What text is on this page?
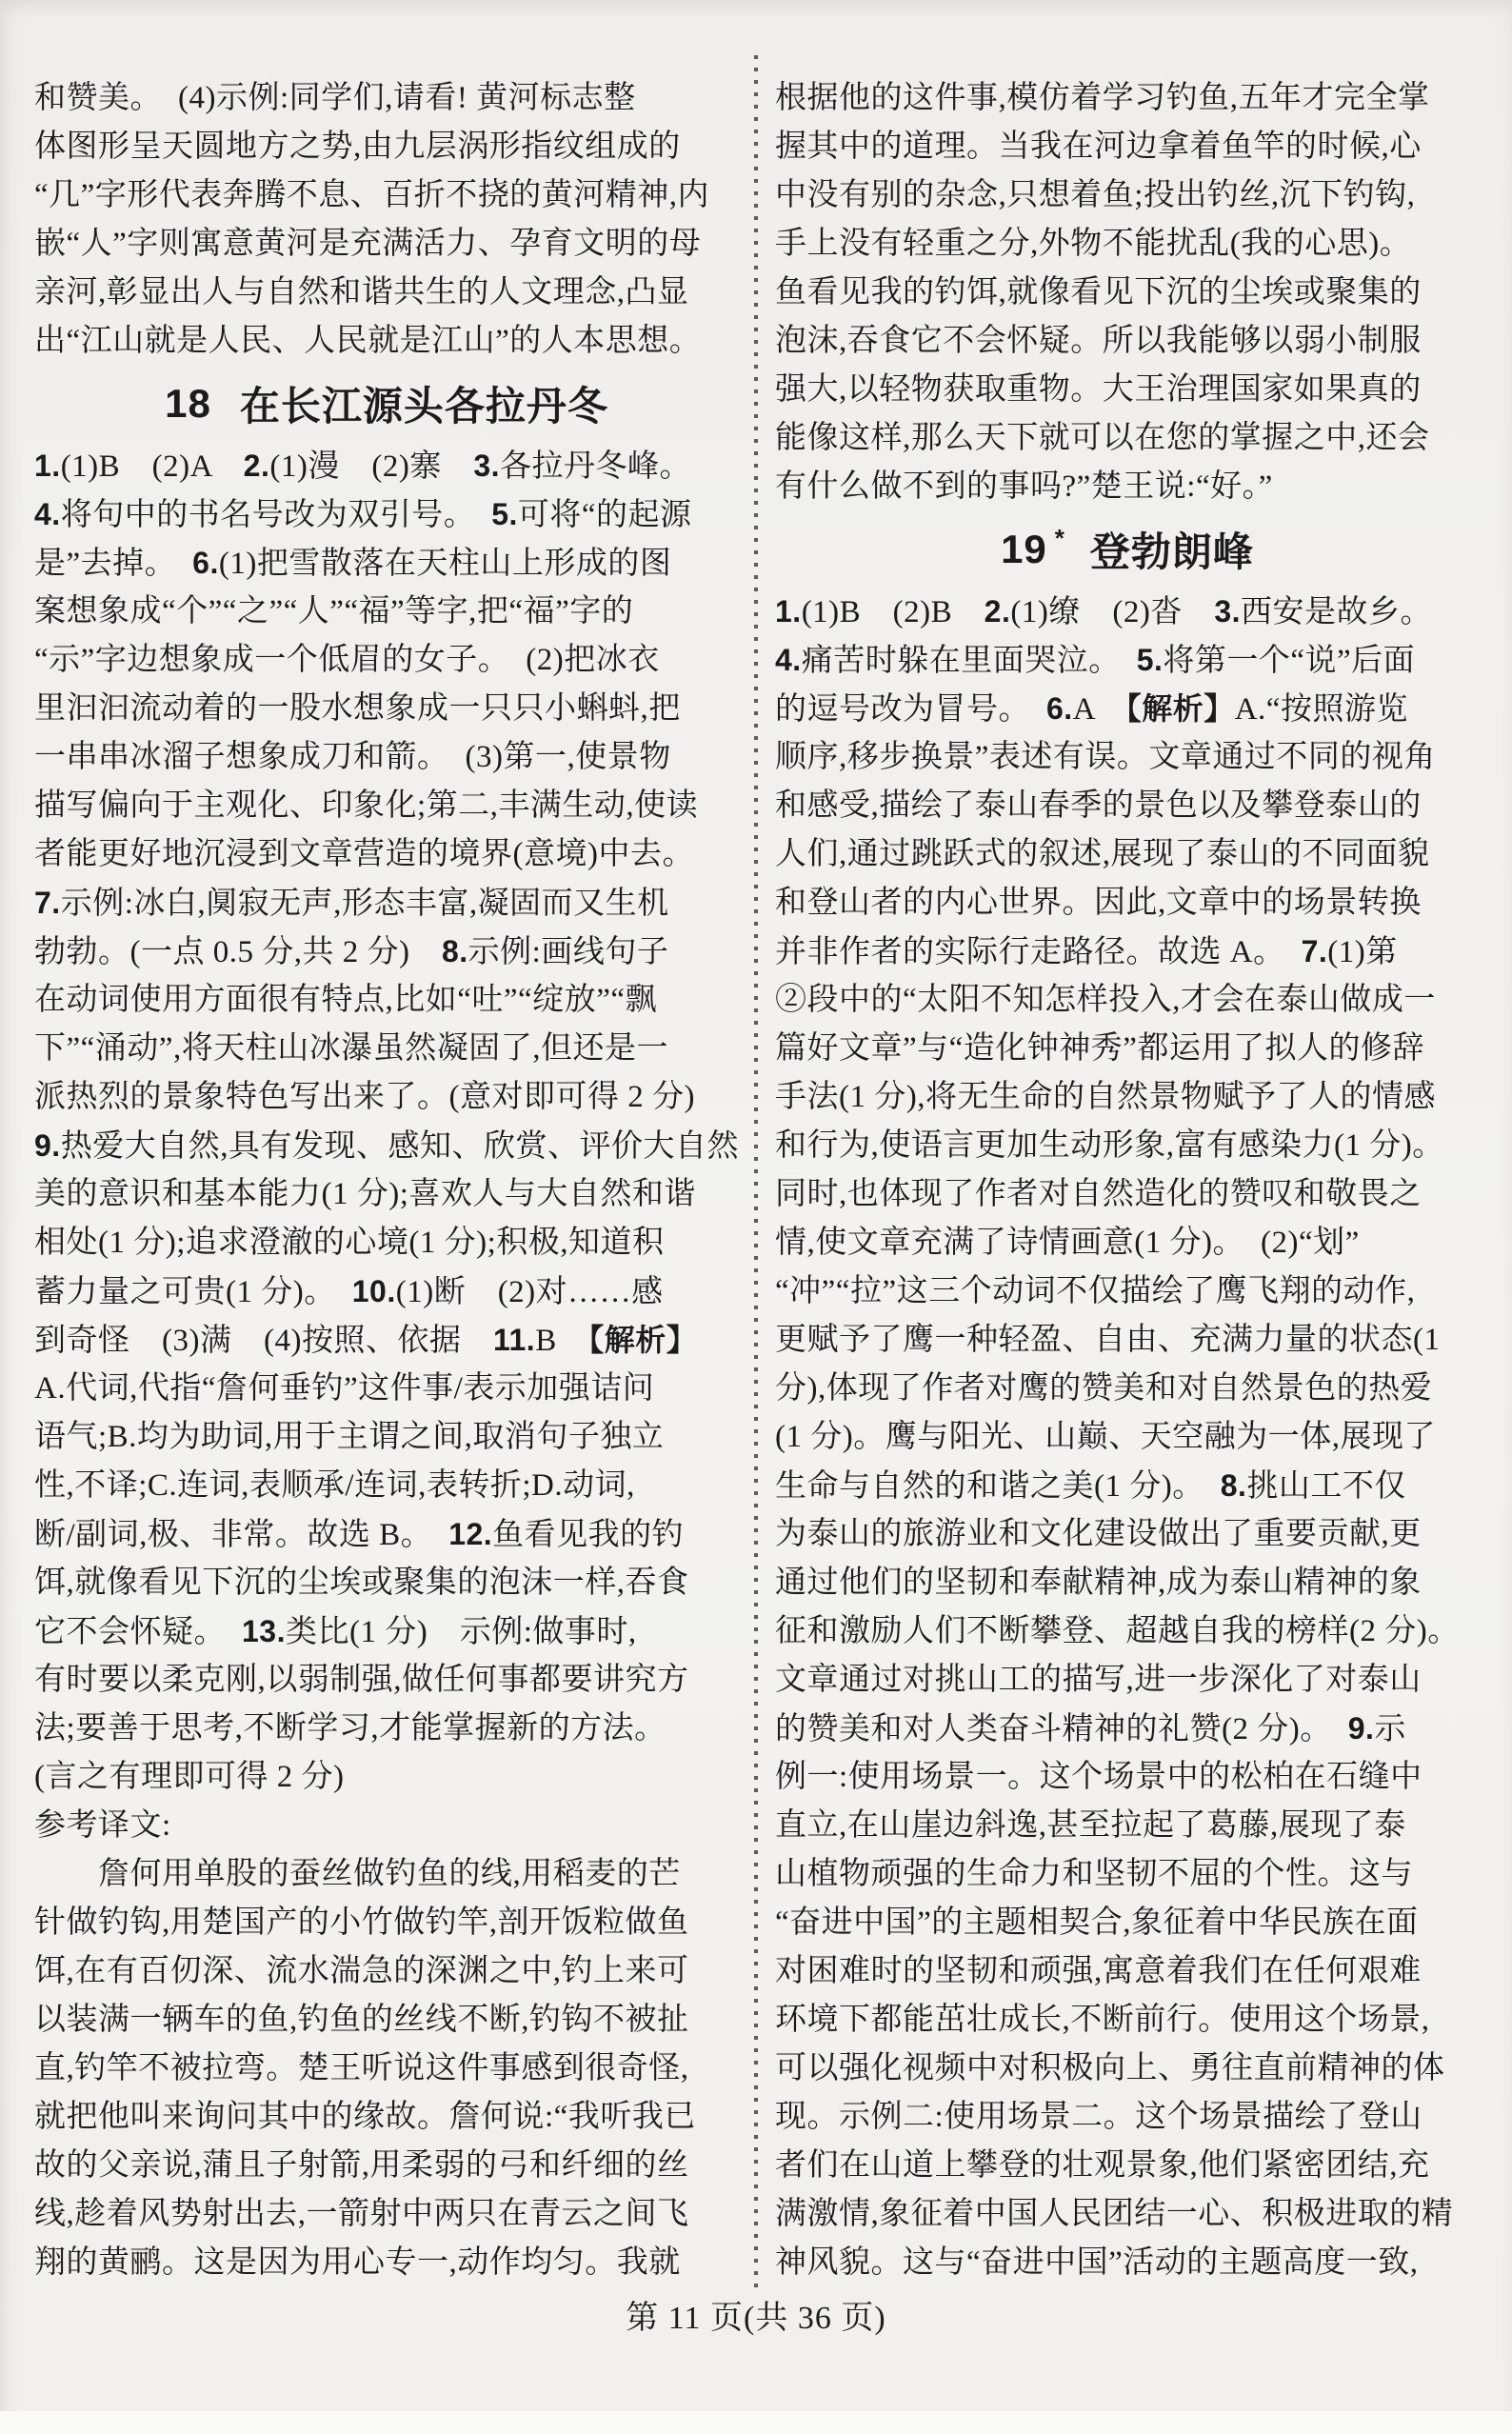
和赞美。　(4)示例:同学们,请看! 黄河标志整
体图形呈天圆地方之势,由九层涡形指纹组成的
“几”字形代表奔腾不息、百折不挠的黄河精神,内
嵌“人”字则寓意黄河是充满活力、孕育文明的母
亲河,彰显出人与自然和谐共生的人文理念,凸显
出“江山就是人民、人民就是江山”的人本思想。
18 在长江源头各拉丹冬
1.(1)B　(2)A　2.(1)漫　(2)寨　3.各拉丹冬峰。
4.将句中的书名号改为双引号。　5.可将“的起源
是”去掉。　6.(1)把雪散落在天柱山上形成的图
案想象成“个”“之”“人”“福”等字,把“福”字的
“示”字边想象成一个低眉的女子。　(2)把冰衣
里汩汩流动着的一股水想象成一只只小蝌蚪,把
一串串冰溜子想象成刀和箭。　(3)第一,使景物
描写偏向于主观化、印象化;第二,丰满生动,使读
者能更好地沉浸到文章营造的境界(意境)中去。
7.示例:冰白,阒寂无声,形态丰富,凝固而又生机
勃勃。(一点 0.5 分,共 2 分)　8.示例:画线句子
在动词使用方面很有特点,比如“吐”“绽放”“飘
下”“涌动”,将天柱山冰瀑虽然凝固了,但还是一
派热烈的景象特色写出来了。(意对即可得 2 分)
9.热爱大自然,具有发现、感知、欣赏、评价大自然
美的意识和基本能力(1 分);喜欢人与大自然和谐
相处(1 分);追求澄澈的心境(1 分);积极,知道积
蓄力量之可贵(1 分)。　10.(1)断　(2)对……感
到奇怪　(3)满　(4)按照、依据　11.B　【解析】
A.代词,代指“詹何垂钓”这件事/表示加强诘问
语气;B.均为助词,用于主谓之间,取消句子独立
性,不译;C.连词,表顺承/连词,表转折;D.动词,
断/副词,极、非常。故选 B。　12.鱼看见我的钓
饵,就像看见下沉的尘埃或聚集的泡沫一样,吞食
它不会怀疑。　13.类比(1 分)　示例:做事时,
有时要以柔克刚,以弱制强,做任何事都要讲究方
法;要善于思考,不断学习,才能掌握新的方法。
(言之有理即可得 2 分)
参考译文:
　　詹何用单股的蚕丝做钓鱼的线,用稻麦的芒
针做钓钩,用楚国产的小竹做钓竿,剖开饭粒做鱼
饵,在有百仞深、流水湍急的深渊之中,钓上来可
以装满一辆车的鱼,钓鱼的丝线不断,钓钩不被扯
直,钓竿不被拉弯。楚王听说这件事感到很奇怪,
就把他叫来询问其中的缘故。詹何说:“我听我已
故的父亲说,蒲且子射箭,用柔弱的弓和纤细的丝
线,趁着风势射出去,一箭射中两只在青云之间飞
翔的黄鹂。这是因为用心专一,动作均匀。我就
根据他的这件事,模仿着学习钓鱼,五年才完全掌
握其中的道理。当我在河边拿着鱼竿的时候,心
中没有别的杂念,只想着鱼;投出钓丝,沉下钓钩,
手上没有轻重之分,外物不能扰乱(我的心思)。
鱼看见我的钓饵,就像看见下沉的尘埃或聚集的
泡沫,吞食它不会怀疑。所以我能够以弱小制服
强大,以轻物获取重物。大王治理国家如果真的
能像这样,那么天下就可以在您的掌握之中,还会
有什么做不到的事吗?”楚王说:“好。”
19 * 登勃朗峰
1.(1)B　(2)B　2.(1)缭　(2)沓　3.西安是故乡。
4.痛苦时躲在里面哭泣。　5.将第一个“说”后面
的逗号改为冒号。　6.A　【解析】A.“按照游览
顺序,移步换景”表述有误。文章通过不同的视角
和感受,描绘了泰山春季的景色以及攀登泰山的
人们,通过跳跃式的叙述,展现了泰山的不同面貌
和登山者的内心世界。因此,文章中的场景转换
并非作者的实际行走路径。故选 A。　7.(1)第
②段中的“太阳不知怎样投入,才会在泰山做成一
篇好文章”与“造化钟神秀”都运用了拟人的修辞
手法(1 分),将无生命的自然景物赋予了人的情感
和行为,使语言更加生动形象,富有感染力(1 分)。
同时,也体现了作者对自然造化的赞叹和敬畏之
情,使文章充满了诗情画意(1 分)。　(2)“划”
“冲”“拉”这三个动词不仅描绘了鹰飞翔的动作,
更赋予了鹰一种轻盈、自由、充满力量的状态(1
分),体现了作者对鹰的赞美和对自然景色的热爱
(1 分)。鹰与阳光、山巅、天空融为一体,展现了
生命与自然的和谐之美(1 分)。　8.挑山工不仅
为泰山的旅游业和文化建设做出了重要贡献,更
通过他们的坚韧和奉献精神,成为泰山精神的象
征和激励人们不断攀登、超越自我的榜样(2 分)。
文章通过对挑山工的描写,进一步深化了对泰山
的赞美和对人类奋斗精神的礼赞(2 分)。　9.示
例一:使用场景一。这个场景中的松柏在石缝中
直立,在山崖边斜逸,甚至拉起了葛藤,展现了泰
山植物顽强的生命力和坚韧不屈的个性。这与
“奋进中国”的主题相契合,象征着中华民族在面
对困难时的坚韧和顽强,寓意着我们在任何艰难
环境下都能茁壮成长,不断前行。使用这个场景,
可以强化视频中对积极向上、勇往直前精神的体
现。示例二:使用场景二。这个场景描绘了登山
者们在山道上攀登的壮观景象,他们紧密团结,充
满激情,象征着中国人民团结一心、积极进取的精
神风貌。这与“奋进中国”活动的主题高度一致,
第 11 页(共 36 页)
